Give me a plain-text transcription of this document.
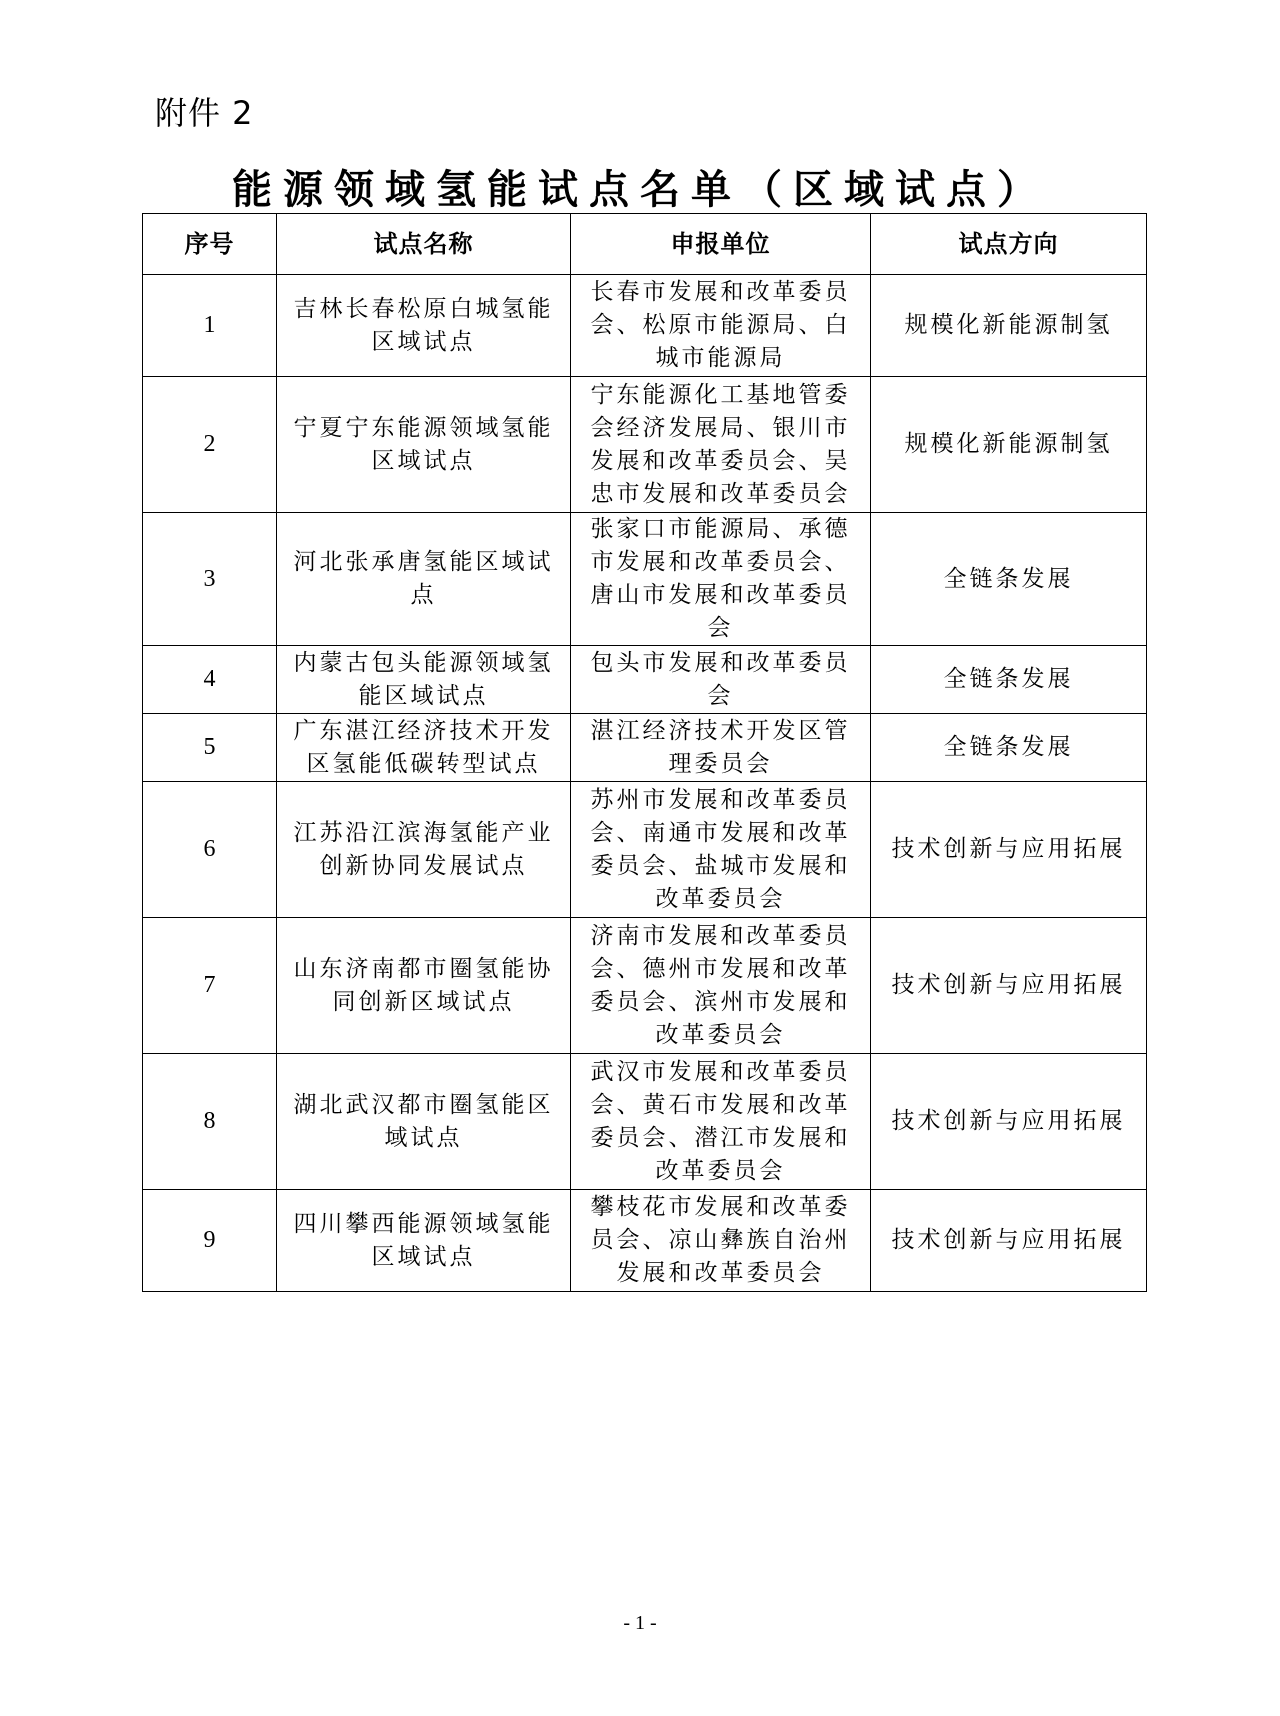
附件 2
能源领域氢能试点名单（区域试点）
序号	试点名称	申报单位	试点方向
1	吉林长春松原白城氢能区域试点	长春市发展和改革委员会、松原市能源局、白城市能源局	规模化新能源制氢
2	宁夏宁东能源领域氢能区域试点	宁东能源化工基地管委会经济发展局、银川市发展和改革委员会、吴忠市发展和改革委员会	规模化新能源制氢
3	河北张承唐氢能区域试点	张家口市能源局、承德市发展和改革委员会、唐山市发展和改革委员会	全链条发展
4	内蒙古包头能源领域氢能区域试点	包头市发展和改革委员会	全链条发展
5	广东湛江经济技术开发区氢能低碳转型试点	湛江经济技术开发区管理委员会	全链条发展
6	江苏沿江滨海氢能产业创新协同发展试点	苏州市发展和改革委员会、南通市发展和改革委员会、盐城市发展和改革委员会	技术创新与应用拓展
7	山东济南都市圈氢能协同创新区域试点	济南市发展和改革委员会、德州市发展和改革委员会、滨州市发展和改革委员会	技术创新与应用拓展
8	湖北武汉都市圈氢能区域试点	武汉市发展和改革委员会、黄石市发展和改革委员会、潜江市发展和改革委员会	技术创新与应用拓展
9	四川攀西能源领域氢能区域试点	攀枝花市发展和改革委员会、凉山彝族自治州发展和改革委员会	技术创新与应用拓展
- 1 -
